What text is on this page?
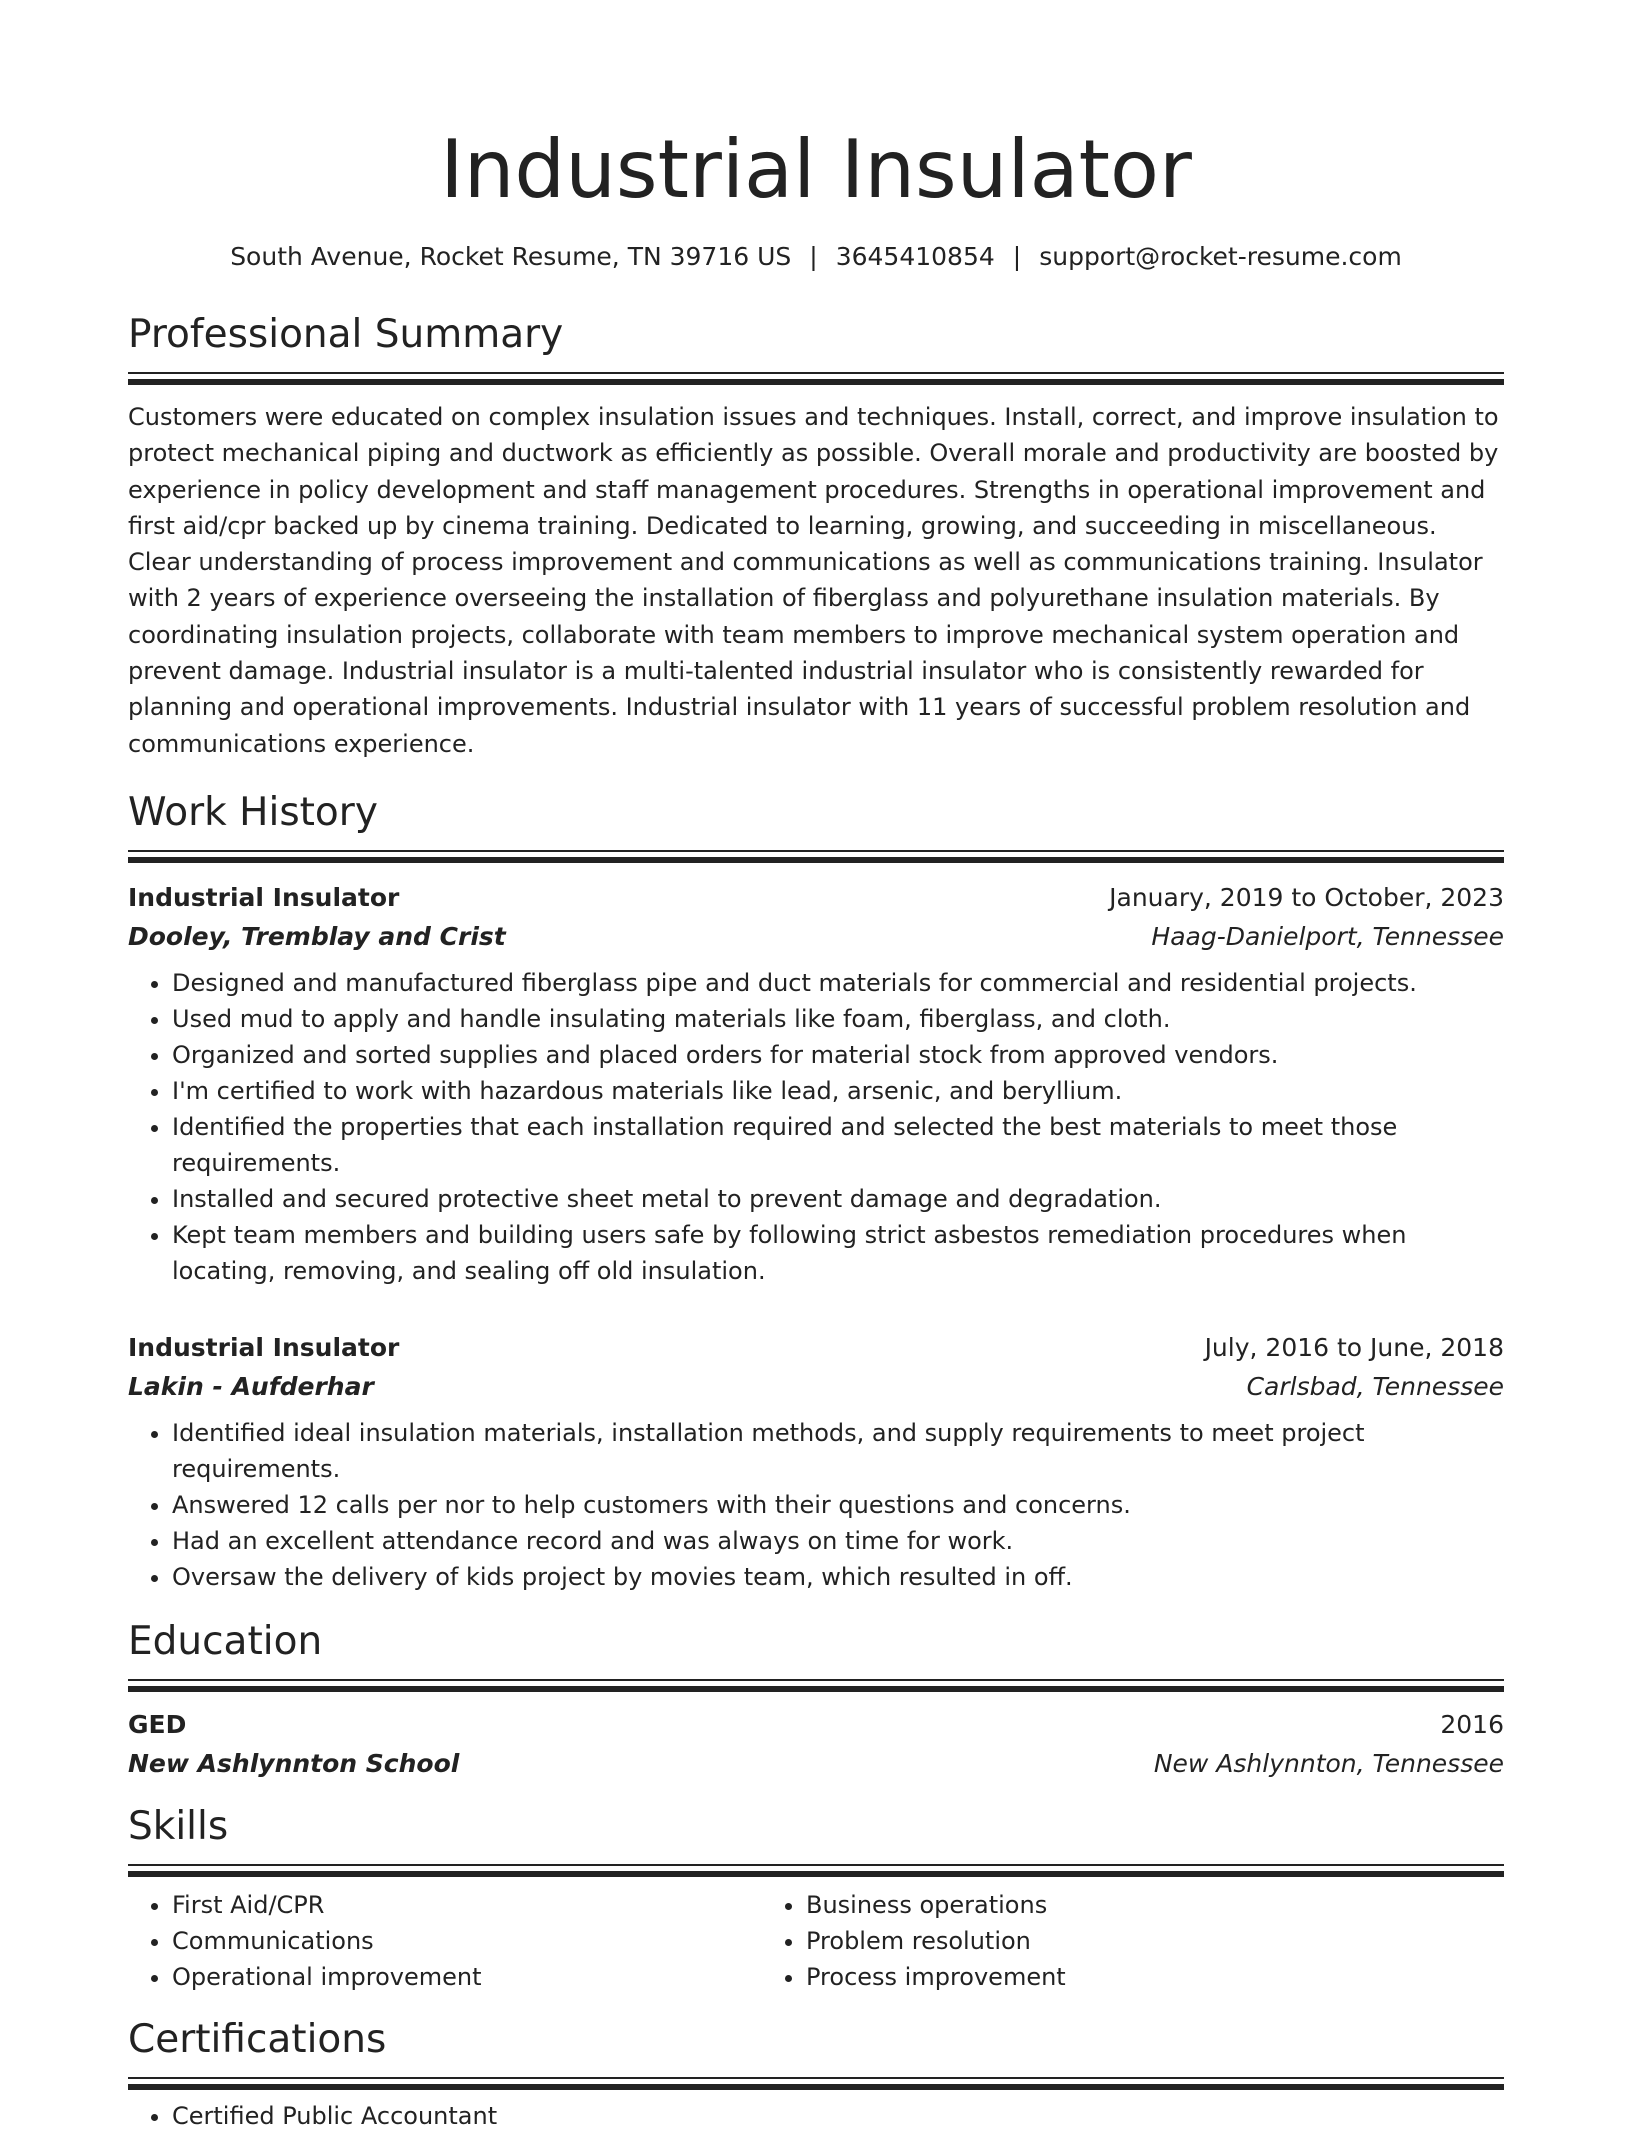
Industrial Insulator
South Avenue, Rocket Resume, TN 39716 US | 3645410854 | support@rocket-resume.com
Professional Summary
Customers were educated on complex insulation issues and techniques. Install, correct, and improve insulation to protect mechanical piping and ductwork as efficiently as possible. Overall morale and productivity are boosted by experience in policy development and staff management procedures. Strengths in operational improvement and first aid/cpr backed up by cinema training. Dedicated to learning, growing, and succeeding in miscellaneous. Clear understanding of process improvement and communications as well as communications training. Insulator with 2 years of experience overseeing the installation of fiberglass and polyurethane insulation materials. By coordinating insulation projects, collaborate with team members to improve mechanical system operation and prevent damage. Industrial insulator is a multi-talented industrial insulator who is consistently rewarded for planning and operational improvements. Industrial insulator with 11 years of successful problem resolution and communications experience.
Work History
Industrial Insulator	January, 2019 to October, 2023
Dooley, Tremblay and Crist	Haag-Danielport, Tennessee
• Designed and manufactured fiberglass pipe and duct materials for commercial and residential projects.
• Used mud to apply and handle insulating materials like foam, fiberglass, and cloth.
• Organized and sorted supplies and placed orders for material stock from approved vendors.
• I'm certified to work with hazardous materials like lead, arsenic, and beryllium.
• Identified the properties that each installation required and selected the best materials to meet those requirements.
• Installed and secured protective sheet metal to prevent damage and degradation.
• Kept team members and building users safe by following strict asbestos remediation procedures when locating, removing, and sealing off old insulation.
Industrial Insulator	July, 2016 to June, 2018
Lakin - Aufderhar	Carlsbad, Tennessee
• Identified ideal insulation materials, installation methods, and supply requirements to meet project requirements.
• Answered 12 calls per nor to help customers with their questions and concerns.
• Had an excellent attendance record and was always on time for work.
• Oversaw the delivery of kids project by movies team, which resulted in off.
Education
GED	2016
New Ashlynnton School	New Ashlynnton, Tennessee
Skills
• First Aid/CPR
• Communications
• Operational improvement
• Business operations
• Problem resolution
• Process improvement
Certifications
• Certified Public Accountant
